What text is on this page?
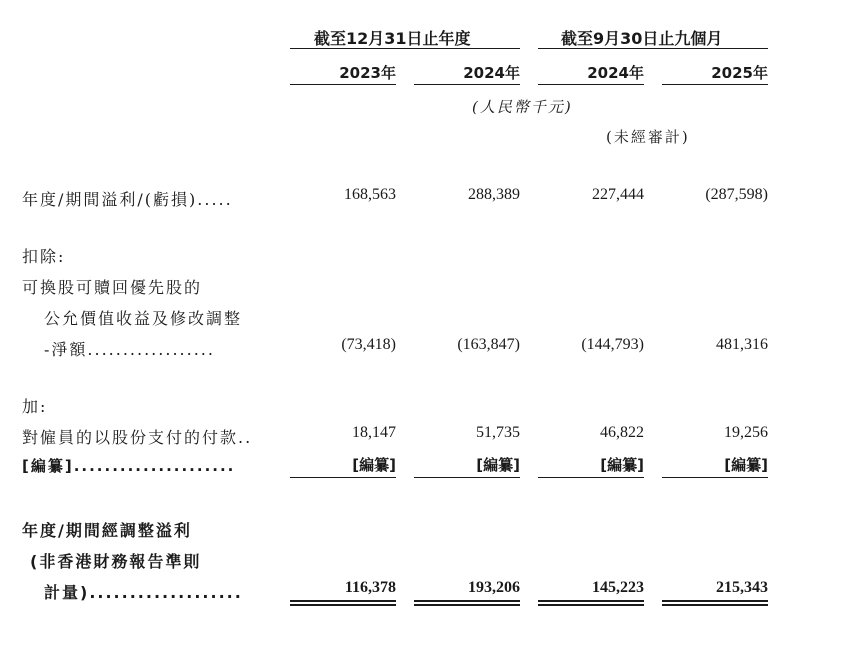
截至12月31日止年度	截至9月30日止九個月
2023年	2024年	2024年	2025年
(人民幣千元)
(未經審計)
年度/期間溢利/(虧損).....	168,563	288,389	227,444	(287,598)
扣除:
可換股可贖回優先股的
公允價值收益及修改調整
-淨額..................	(73,418)	(163,847)	(144,793)	481,316
加:
對僱員的以股份支付的付款..	18,147	51,735	46,822	19,256
[編纂].....................	[編纂]	[編纂]	[編纂]	[編纂]
年度/期間經調整溢利
(非香港財務報告準則
計量)...................	116,378	193,206	145,223	215,343
